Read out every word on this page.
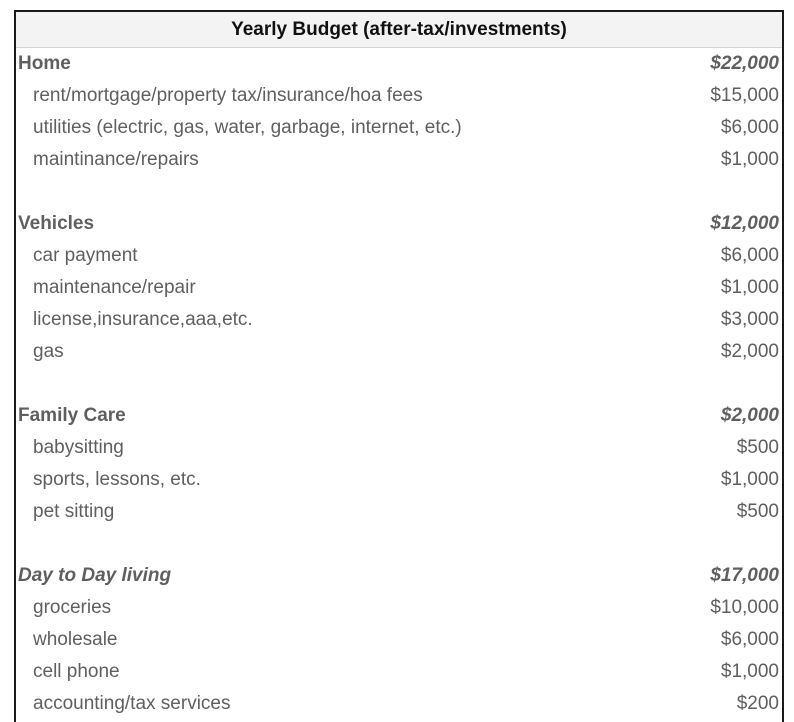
Yearly Budget (after-tax/investments)
Home	$22,000
rent/mortgage/property tax/insurance/hoa fees	$15,000
utilities (electric, gas, water, garbage, internet, etc.)	$6,000
maintinance/repairs	$1,000
Vehicles	$12,000
car payment	$6,000
maintenance/repair	$1,000
license,insurance,aaa,etc.	$3,000
gas	$2,000
Family Care	$2,000
babysitting	$500
sports, lessons, etc.	$1,000
pet sitting	$500
Day to Day living	$17,000
groceries	$10,000
wholesale	$6,000
cell phone	$1,000
accounting/tax services	$200
